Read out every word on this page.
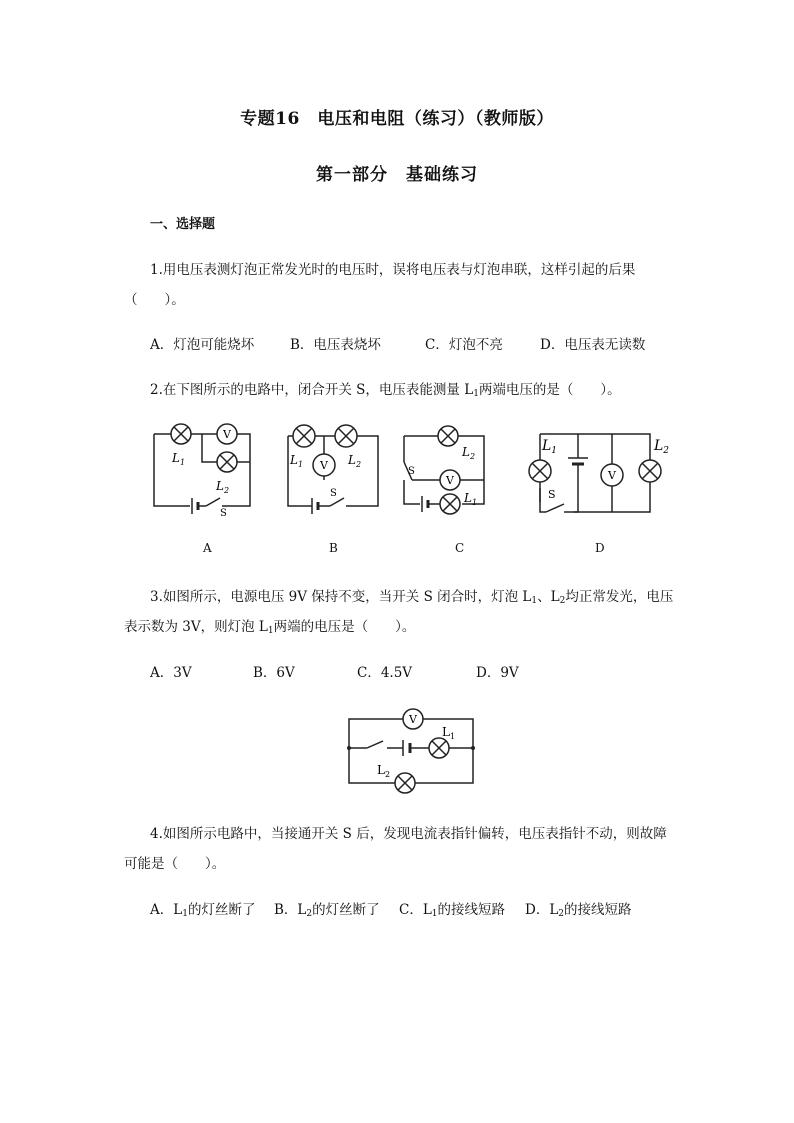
专题16　电压和电阻（练习）（教师版）
第一部分　基础练习
一、选择题
1.用电压表测灯泡正常发光时的电压时，误将电压表与灯泡串联，这样引起的后果
（　　）。
A．灯泡可能烧坏	B．电压表烧坏	C．灯泡不亮	D．电压表无读数
2.在下图所示的电路中，闭合开关 S，电压表能测量 $L_1$两端电压的是（　　）。
V
$L_1$
$L_2$
S
V
$L_1$	$L_2$
S
V
$L_2$
$L_1$
S	V
$L_1$	$L_2$
S
A	B	C	D
3.如图所示，电源电压 9V 保持不变，当开关 S 闭合时，灯泡 $L_1$、$L_2$均正常发光，电压
表示数为 3V，则灯泡 $L_1$两端的电压是（　　）。
A．3V	B．6V	C．4.5V	D．9V
V
$L_1$
$L_2$
4.如图所示电路中，当接通开关 S 后，发现电流表指针偏转，电压表指针不动，则故障
可能是（　　）。
A．$L_1$的灯丝断了 B．$L_2$的灯丝断了 C．$L_1$的接线短路 D．$L_2$的接线短路
